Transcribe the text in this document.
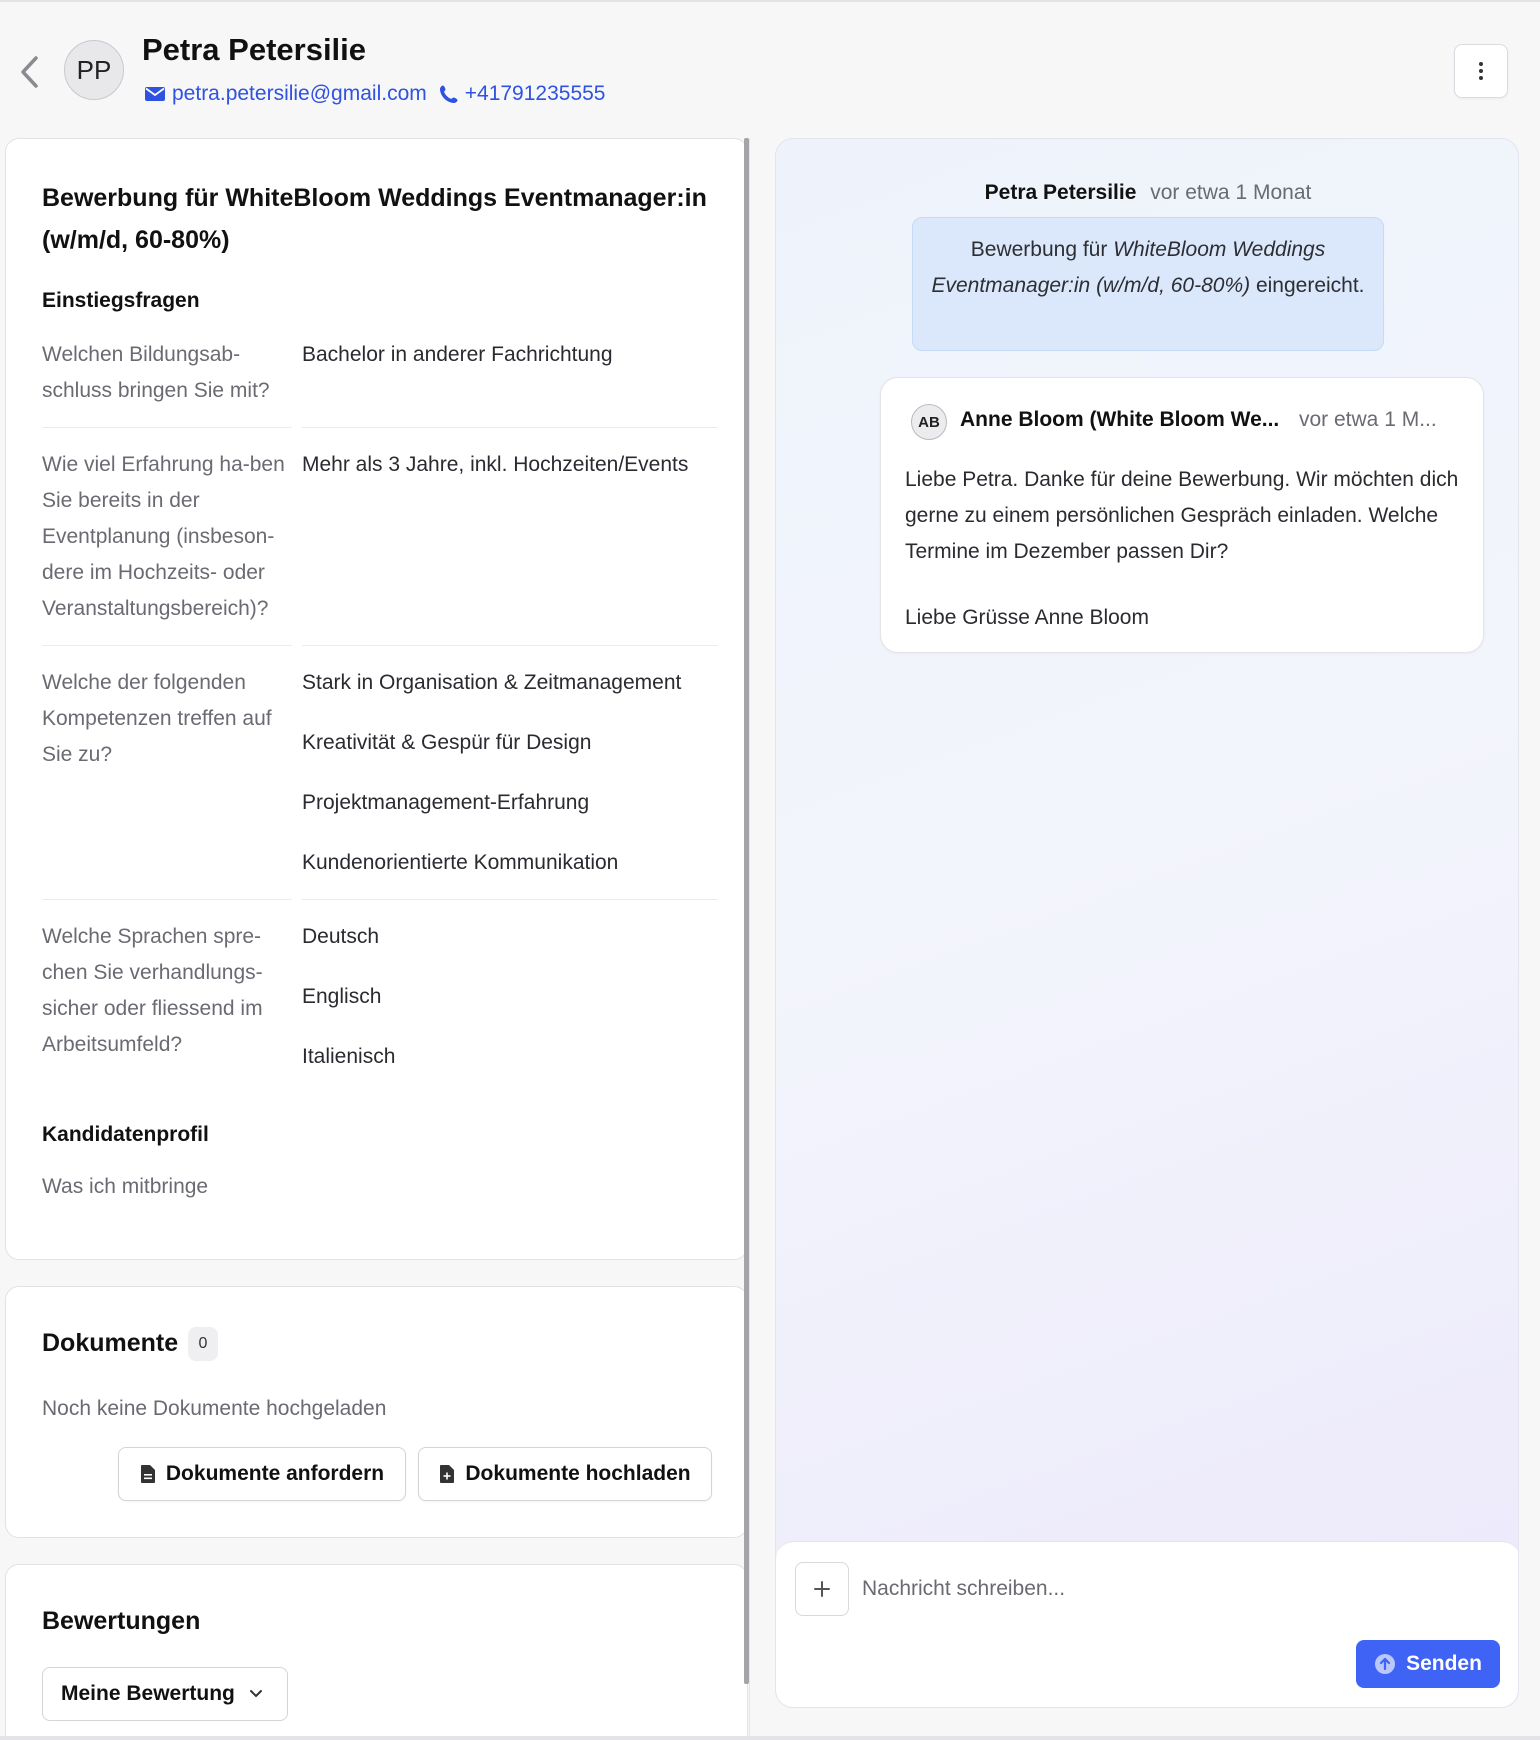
PP
Petra Petersilie
petra.petersilie@gmail.com +41791235555
Bewerbung für WhiteBloom Weddings Eventmanager:in (w/m/d, 60-80%)
Einstiegsfragen
Welchen Bildungsab-schluss bringen Sie mit?
Bachelor in anderer Fachrichtung
Wie viel Erfahrung ha-ben Sie bereits in der Eventplanung (insbeson-dere im Hochzeits- oder Veranstaltungsbereich)?
Mehr als 3 Jahre, inkl. Hochzeiten/Events
Welche der folgenden Kompetenzen treffen auf Sie zu?
Stark in Organisation & Zeitmanagement
Kreativität & Gespür für Design
Projektmanagement-Erfahrung
Kundenorientierte Kommunikation
Welche Sprachen spre-chen Sie verhandlungs-sicher oder fliessend im Arbeitsumfeld?
Deutsch
Englisch
Italienisch
Kandidatenprofil
Was ich mitbringe
Dokumente	0
Noch keine Dokumente hochgeladen
Dokumente anfordern	Dokumente hochladen
Bewertungen
Meine Bewertung
Petra Petersilie vor etwa 1 Monat
Bewerbung für WhiteBloom Weddings Eventmanager:in (w/m/d, 60-80%) eingereicht.
AB Anne Bloom (White Bloom We... vor etwa 1 M...
Liebe Petra. Danke für deine Bewerbung. Wir möchten dich gerne zu einem persönlichen Gespräch einladen. Welche Termine im Dezember passen Dir?
Liebe Grüsse Anne Bloom
Nachricht schreiben...
Senden
